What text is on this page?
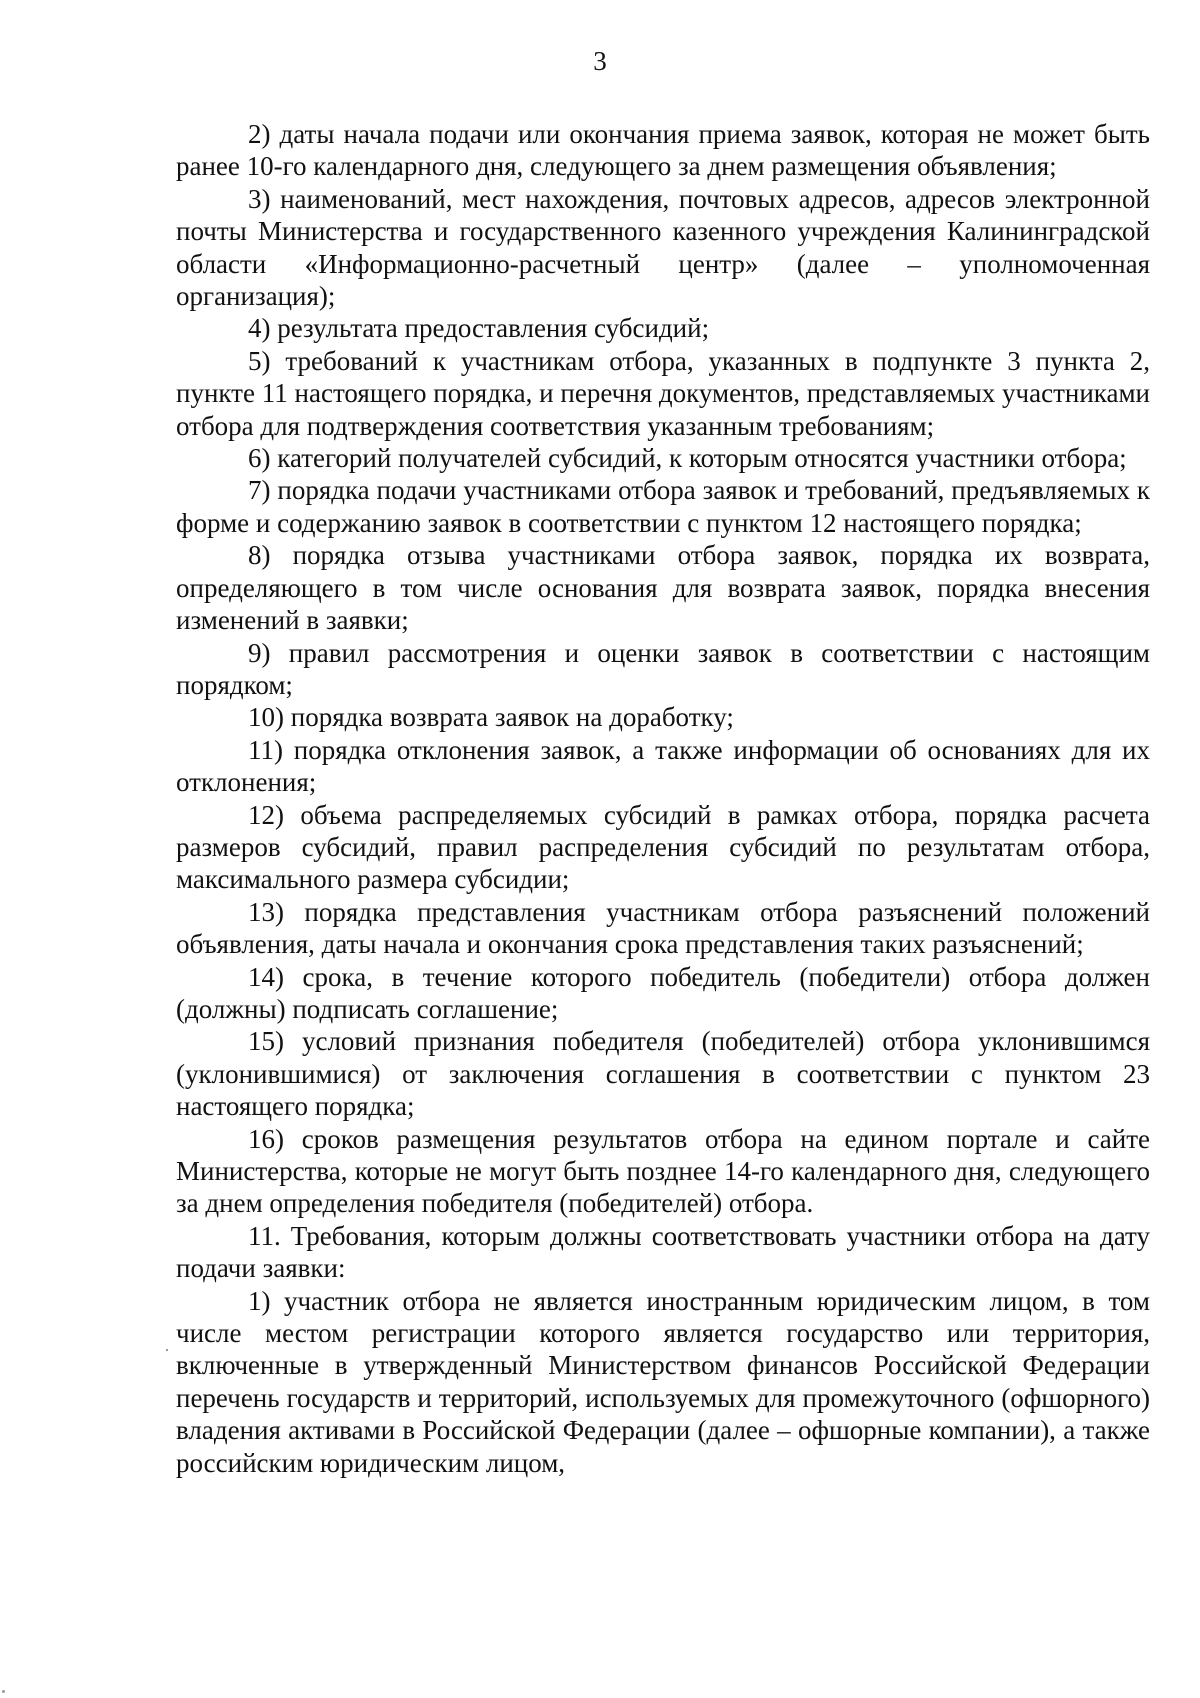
3

2) даты начала подачи или окончания приема заявок, которая не может быть ранее 10-го календарного дня, следующего за днем размещения объявления;

3) наименований, мест нахождения, почтовых адресов, адресов электронной почты Министерства и государственного казенного учреждения Калининградской области «Информационно-расчетный центр» (далее – уполномоченная организация);

4) результата предоставления субсидий;

5) требований к участникам отбора, указанных в подпункте 3 пункта 2, пункте 11 настоящего порядка, и перечня документов, представляемых участниками отбора для подтверждения соответствия указанным требованиям;

6) категорий получателей субсидий, к которым относятся участники отбора;

7) порядка подачи участниками отбора заявок и требований, предъявляемых к форме и содержанию заявок в соответствии с пунктом 12 настоящего порядка;

8) порядка отзыва участниками отбора заявок, порядка их возврата, определяющего в том числе основания для возврата заявок, порядка внесения изменений в заявки;

9) правил рассмотрения и оценки заявок в соответствии с настоящим порядком;

10) порядка возврата заявок на доработку;

11) порядка отклонения заявок, а также информации об основаниях для их отклонения;

12) объема распределяемых субсидий в рамках отбора, порядка расчета размеров субсидий, правил распределения субсидий по результатам отбора, максимального размера субсидии;

13) порядка представления участникам отбора разъяснений положений объявления, даты начала и окончания срока представления таких разъяснений;

14) срока, в течение которого победитель (победители) отбора должен (должны) подписать соглашение;

15) условий признания победителя (победителей) отбора уклонившимся (уклонившимися) от заключения соглашения в соответствии с пунктом 23 настоящего порядка;

16) сроков размещения результатов отбора на едином портале и сайте Министерства, которые не могут быть позднее 14-го календарного дня, следующего за днем определения победителя (победителей) отбора.

11. Требования, которым должны соответствовать участники отбора на дату подачи заявки:

1) участник отбора не является иностранным юридическим лицом, в том числе местом регистрации которого является государство или территория, включенные в утвержденный Министерством финансов Российской Федерации перечень государств и территорий, используемых для промежуточного (офшорного) владения активами в Российской Федерации (далее – офшорные компании), а также российским юридическим лицом,
